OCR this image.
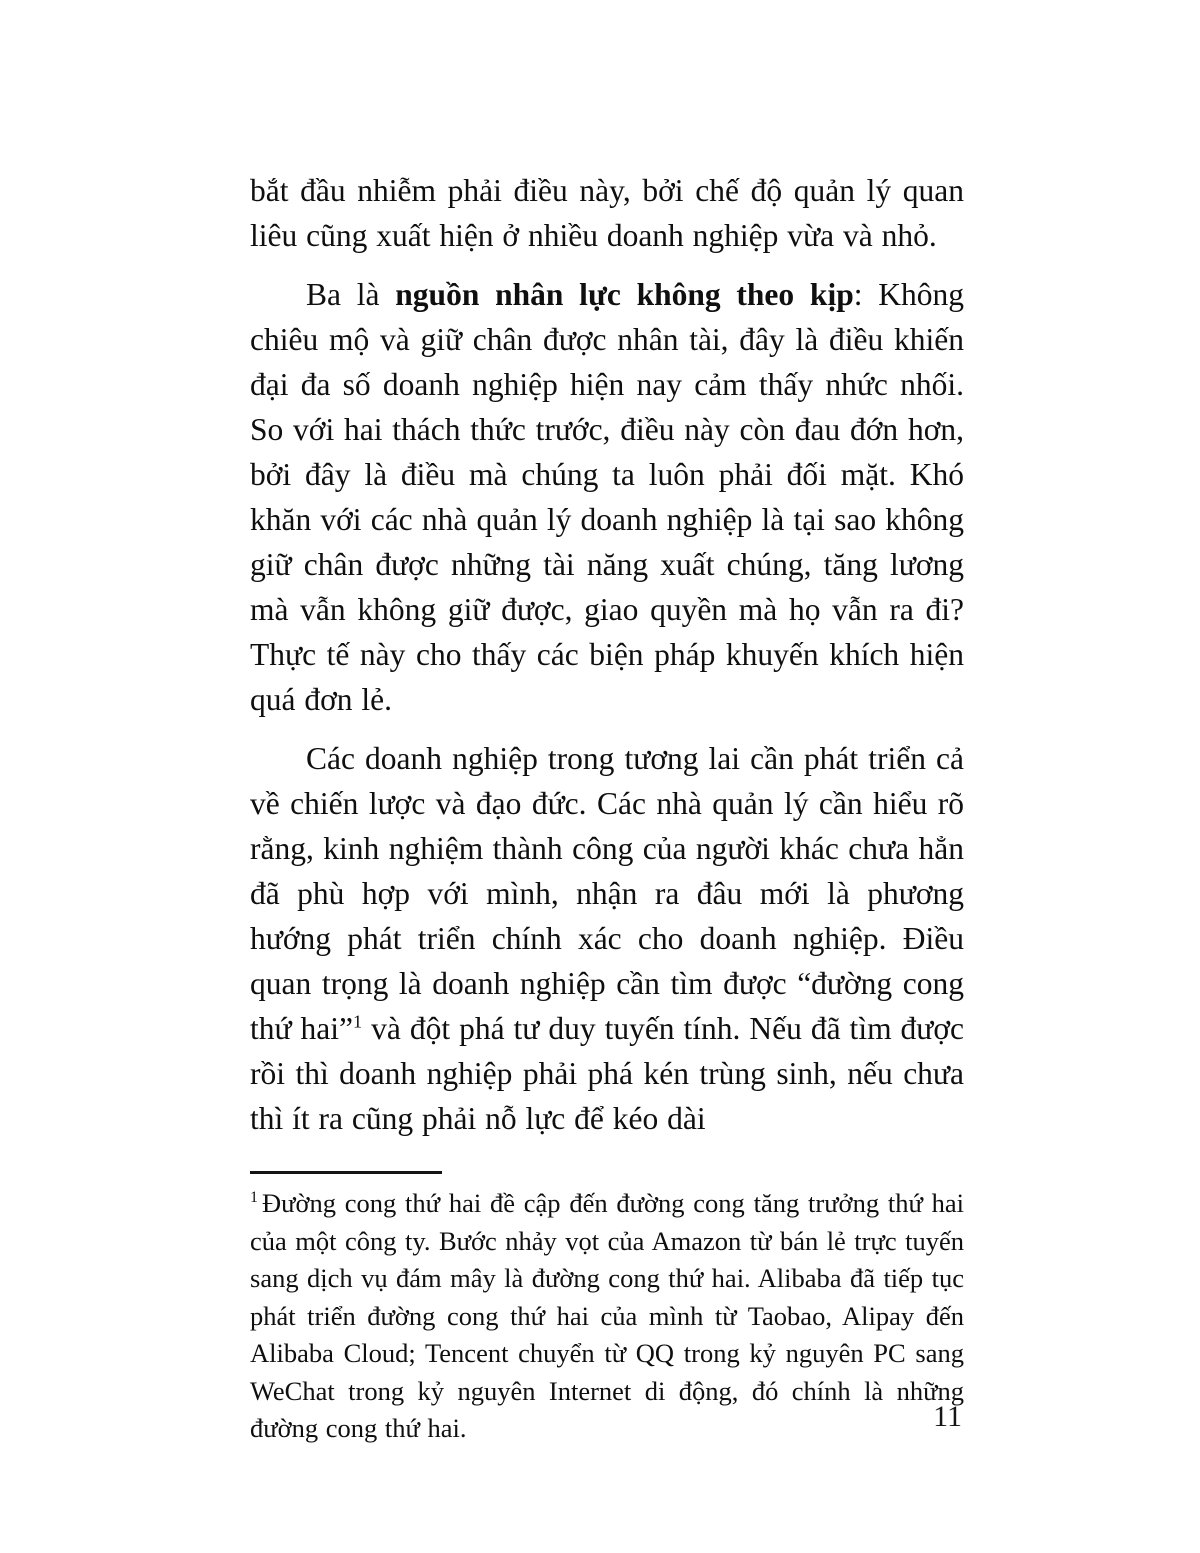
bắt đầu nhiễm phải điều này, bởi chế độ quản lý quan liêu cũng xuất hiện ở nhiều doanh nghiệp vừa và nhỏ.

Ba là nguồn nhân lực không theo kịp: Không chiêu mộ và giữ chân được nhân tài, đây là điều khiến đại đa số doanh nghiệp hiện nay cảm thấy nhức nhối. So với hai thách thức trước, điều này còn đau đớn hơn, bởi đây là điều mà chúng ta luôn phải đối mặt. Khó khăn với các nhà quản lý doanh nghiệp là tại sao không giữ chân được những tài năng xuất chúng, tăng lương mà vẫn không giữ được, giao quyền mà họ vẫn ra đi? Thực tế này cho thấy các biện pháp khuyến khích hiện quá đơn lẻ.

Các doanh nghiệp trong tương lai cần phát triển cả về chiến lược và đạo đức. Các nhà quản lý cần hiểu rõ rằng, kinh nghiệm thành công của người khác chưa hẳn đã phù hợp với mình, nhận ra đâu mới là phương hướng phát triển chính xác cho doanh nghiệp. Điều quan trọng là doanh nghiệp cần tìm được “đường cong thứ hai”$^1$ và đột phá tư duy tuyến tính. Nếu đã tìm được rồi thì doanh nghiệp phải phá kén trùng sinh, nếu chưa thì ít ra cũng phải nỗ lực để kéo dài

$^1$ Đường cong thứ hai đề cập đến đường cong tăng trưởng thứ hai của một công ty. Bước nhảy vọt của Amazon từ bán lẻ trực tuyến sang dịch vụ đám mây là đường cong thứ hai. Alibaba đã tiếp tục phát triển đường cong thứ hai của mình từ Taobao, Alipay đến Alibaba Cloud; Tencent chuyển từ QQ trong kỷ nguyên PC sang WeChat trong kỷ nguyên Internet di động, đó chính là những đường cong thứ hai.	11
